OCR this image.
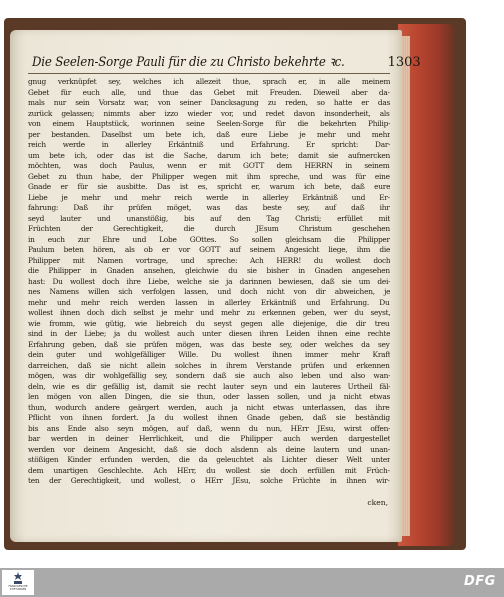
Die Seelen-Sorge Pauli für die zu Christo bekehrte ꝛc.	1303
gnug verknüpfet sey, welches ich allezeit thue, sprach er, in alle meinem
Gebet für euch alle, und thue das Gebet mit Freuden. Dieweil aber da-
mals nur sein Vorsatz war, von seiner Dancksagung zu reden, so hatte er das
zurück gelassen; nimmts aber izzo wieder vor, und redet davon insonderheit, als
von einem Hauptstück, worinnen seine Seelen-Sorge für die bekehrten Philip-
per bestanden. Daselbst um bete ich, daß eure Liebe je mehr und mehr
reich werde in allerley Erkäntniß und Erfahrung. Er spricht: Dar-
um bete ich, oder das ist die Sache, darum ich bete; damit sie aufmercken
möchten, was doch Paulus, wenn er mit GOTT dem HERRN in seinem
Gebet zu thun habe, der Philipper wegen mit ihm spreche, und was für eine
Gnade er für sie ausbitte. Das ist es, spricht er, warum ich bete, daß eure
Liebe je mehr und mehr reich werde in allerley Erkäntniß und Er-
fahrung: Daß ihr prüfen möget, was das beste sey, auf daß ihr
seyd lauter und unanstößig, bis auf den Tag Christi; erfüllet mit
Früchten der Gerechtigkeit, die durch JEsum Christum geschehen
in euch zur Ehre und Lobe GOttes. So sollen gleichsam die Philipper
Paulum beten hören, als ob er vor GOTT auf seinem Angesicht liege, ihm die
Philipper mit Namen vortrage, und spreche: Ach HERR! du wollest doch
die Philipper in Gnaden ansehen, gleichwie du sie bisher in Gnaden angesehen
hast: Du wollest doch ihre Liebe, welche sie ja darinnen bewiesen, daß sie um dei-
nes Namens willen sich verfolgen lassen, und doch nicht von dir abweichen, je
mehr und mehr reich werden lassen in allerley Erkäntniß und Erfahrung. Du
wollest ihnen doch dich selbst je mehr und mehr zu erkennen geben, wer du seyst,
wie fromm, wie gütig, wie liebreich du seyst gegen alle diejenige, die dir treu
sind in der Liebe; ja du wollest auch unter diesen ihren Leiden ihnen eine rechte
Erfahrung geben, daß sie prüfen mögen, was das beste sey, oder welches da sey
dein guter und wohlgefälliger Wille. Du wollest ihnen immer mehr Kraft
darreichen, daß sie nicht allein solches in ihrem Verstande prüfen und erkennen
mögen, was dir wohlgefällig sey, sondern daß sie auch also leben und also wan-
deln, wie es dir gefällig ist, damit sie recht lauter seyn und ein lauteres Urtheil fäl-
len mögen von allen Dingen, die sie thun, oder lassen sollen, und ja nicht etwas
thun, wodurch andere geärgert werden, auch ja nicht etwas unterlassen, das ihre
Pflicht von ihnen fordert. Ja du wollest ihnen Gnade geben, daß sie beständig
bis ans Ende also seyn mögen, auf daß, wenn du nun, HErr JEsu, wirst offen-
bar werden in deiner Herrlichkeit, und die Philipper auch werden dargestellet
werden vor deinem Angesicht, daß sie doch alsdenn als deine lautern und unan-
stößigen Kinder erfunden werden, die da geleuchtet als Lichter dieser Welt unter
dem unartigen Geschlechte. Ach HErr, du wollest sie doch erfüllen mit Früch-
ten der Gerechtigkeit, und wollest, o HErr JEsu, solche Früchte in ihnen wir-
cken,
FRANCKESCHE
STIFTUNGEN
DFG
